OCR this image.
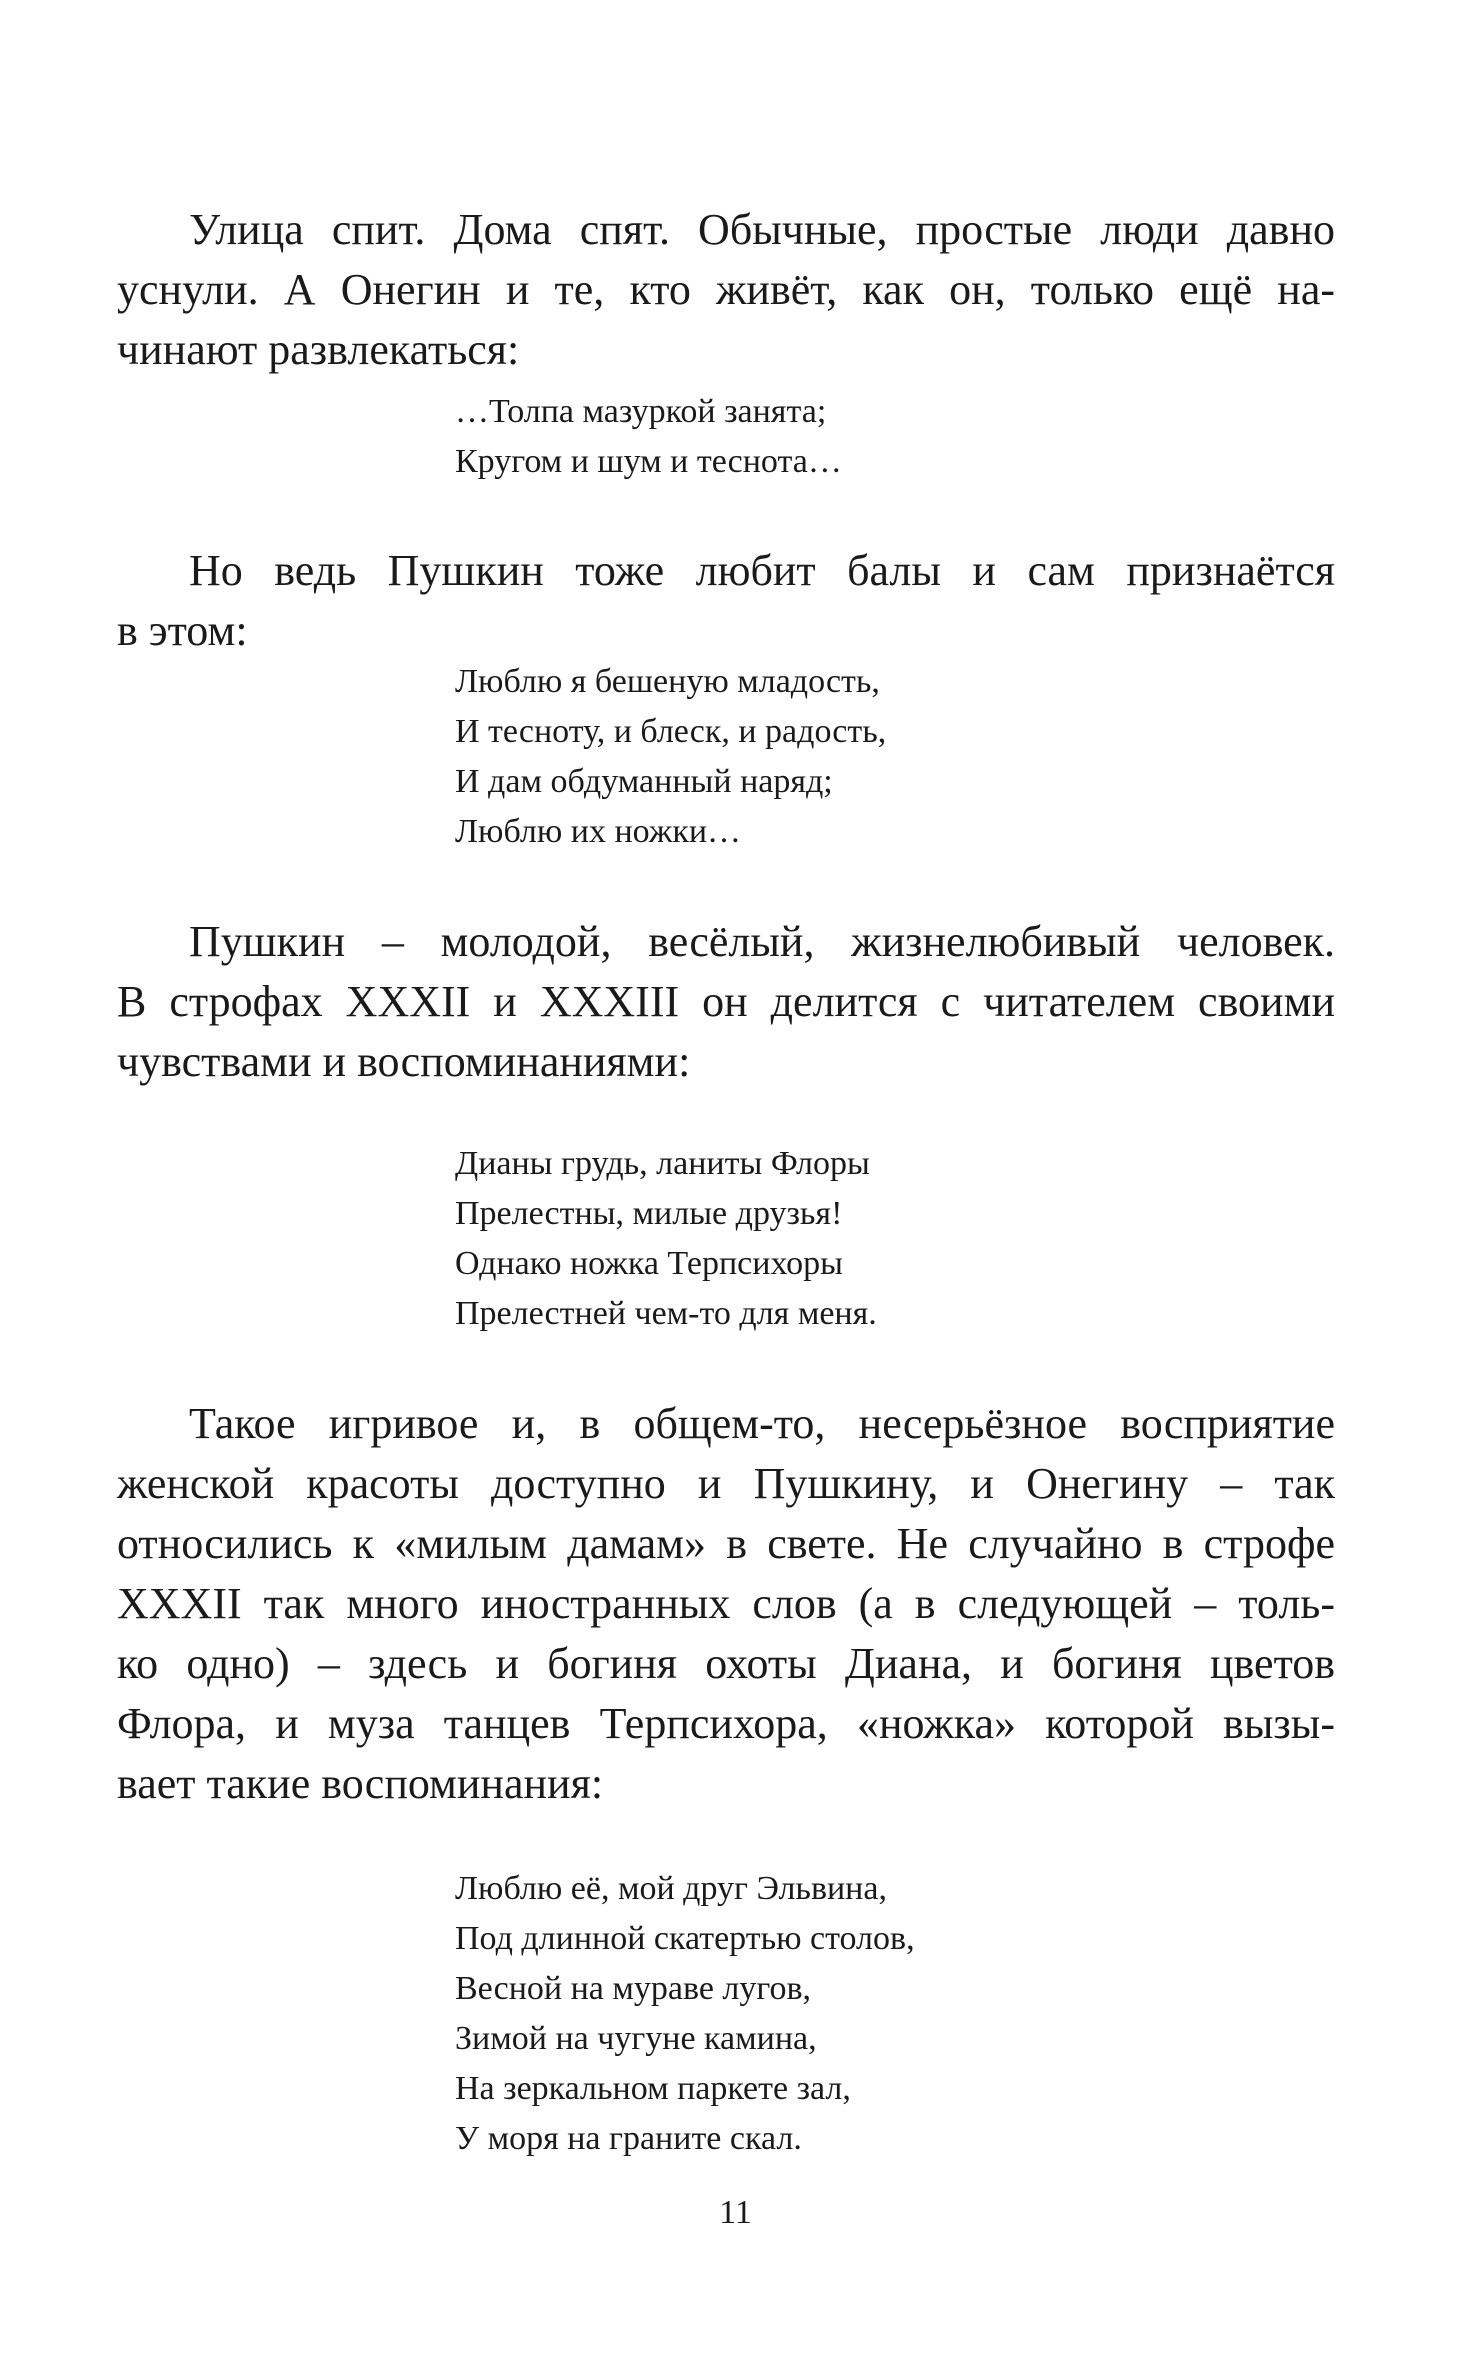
Улица спит. Дома спят. Обычные, простые люди давно
уснули. А Онегин и те, кто живёт, как он, только ещё на-
чинают развлекаться:

…Толпа мазуркой занята;
Кругом и шум и теснота…

Но ведь Пушкин тоже любит балы и сам признаётся
в этом:

Люблю я бешеную младость,
И тесноту, и блеск, и радость,
И дам обдуманный наряд;
Люблю их ножки…

Пушкин – молодой, весёлый, жизнелюбивый человек.
В строфах XXXII и XXXIII он делится с читателем своими
чувствами и воспоминаниями:

Дианы грудь, ланиты Флоры
Прелестны, милые друзья!
Однако ножка Терпсихоры
Прелестней чем-то для меня.

Такое игривое и, в общем-то, несерьёзное восприятие
женской красоты доступно и Пушкину, и Онегину – так
относились к «милым дамам» в свете. Не случайно в строфе
XXXII так много иностранных слов (а в следующей – толь-
ко одно) – здесь и богиня охоты Диана, и богиня цветов
Флора, и муза танцев Терпсихора, «ножка» которой вызы-
вает такие воспоминания:

Люблю её, мой друг Эльвина,
Под длинной скатертью столов,
Весной на мураве лугов,
Зимой на чугуне камина,
На зеркальном паркете зал,
У моря на граните скал.
11
